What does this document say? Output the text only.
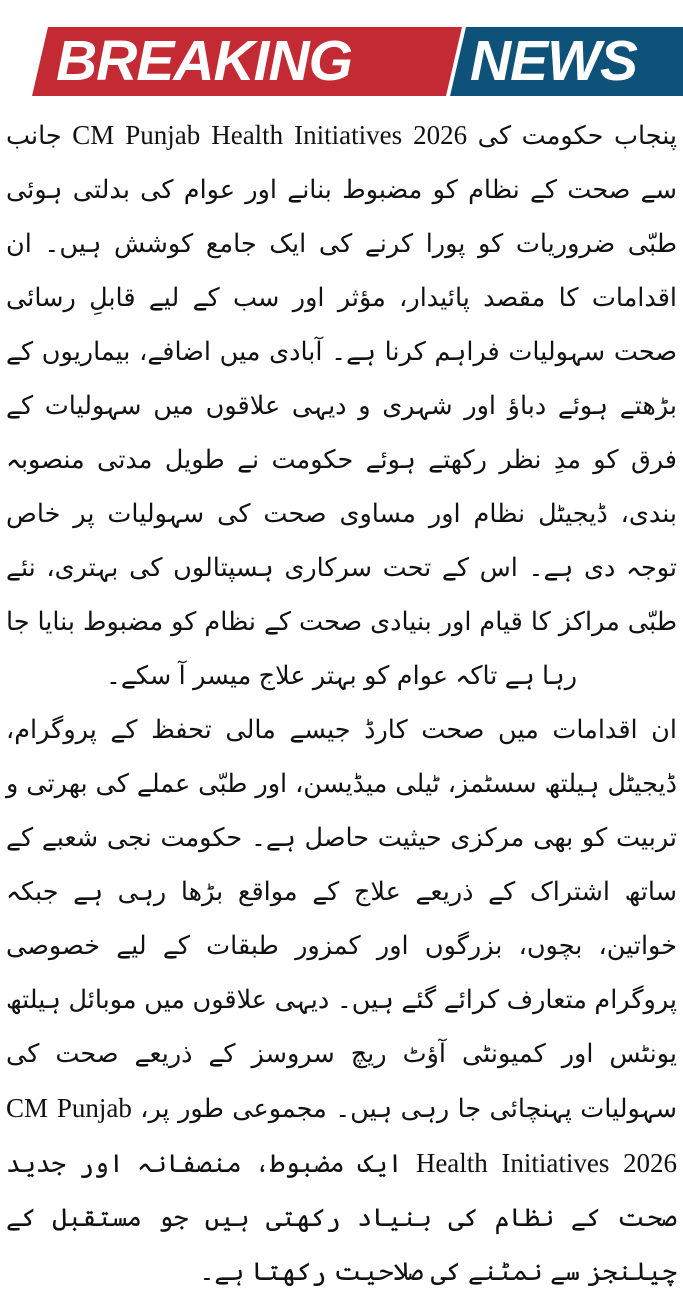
BREAKING NEWS
پنجاب حکومت کی CM Punjab Health Initiatives 2026 جانب سے صحت کے نظام کو مضبوط بنانے اور عوام کی بدلتی ہوئی طبّی ضروریات کو پورا کرنے کی ایک جامع کوشش ہیں۔ ان اقدامات کا مقصد پائیدار، مؤثر اور سب کے لیے قابلِ رسائی صحت سہولیات فراہم کرنا ہے۔ آبادی میں اضافے، بیماریوں کے بڑھتے ہوئے دباؤ اور شہری و دیہی علاقوں میں سہولیات کے فرق کو مدِ نظر رکھتے ہوئے حکومت نے طویل مدتی منصوبہ بندی، ڈیجیٹل نظام اور مساوی صحت کی سہولیات پر خاص توجہ دی ہے۔ اس کے تحت سرکاری ہسپتالوں کی بہتری، نئے طبّی مراکز کا قیام اور بنیادی صحت کے نظام کو مضبوط بنایا جا رہا ہے تاکہ عوام کو بہتر علاج میسر آ سکے۔
ان اقدامات میں صحت کارڈ جیسے مالی تحفظ کے پروگرام، ڈیجیٹل ہیلتھ سسٹمز، ٹیلی میڈیسن، اور طبّی عملے کی بھرتی و تربیت کو بھی مرکزی حیثیت حاصل ہے۔ حکومت نجی شعبے کے ساتھ اشتراک کے ذریعے علاج کے مواقع بڑھا رہی ہے جبکہ خواتین، بچوں، بزرگوں اور کمزور طبقات کے لیے خصوصی پروگرام متعارف کرائے گئے ہیں۔ دیہی علاقوں میں موبائل ہیلتھ یونٹس اور کمیونٹی آؤٹ ریچ سروسز کے ذریعے صحت کی سہولیات پہنچائی جا رہی ہیں۔ مجموعی طور پر، CM Punjab Health Initiatives 2026 ایک مضبوط، منصفانہ اور جدید صحت کے نظام کی بنیاد رکھتی ہیں جو مستقبل کے چیلنجز سے نمٹنے کی صلاحیت رکھتا ہے۔
